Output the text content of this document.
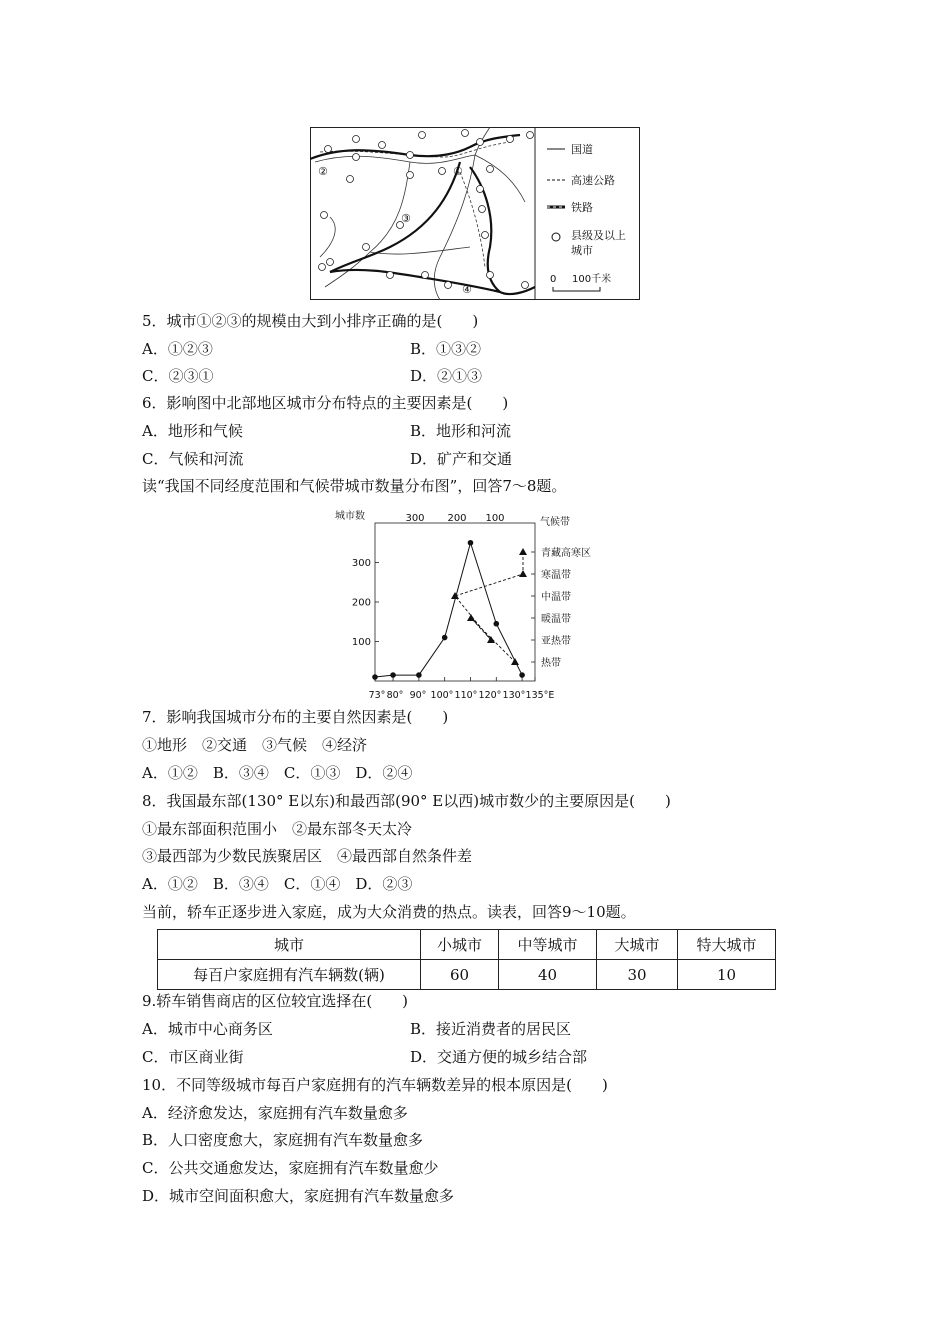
①
②
③
④
国道
高速公路
铁路
县级及以上
城市
0 100千米
5．城市①②③的规模由大到小排序正确的是(　　)
A．①②③	B．①③②
C．②③①	D．②①③
6．影响图中北部地区城市分布特点的主要因素是(　　)
A．地形和气候	B．地形和河流
C．气候和河流	D．矿产和交通
读“我国不同经度范围和气候带城市数量分布图”，回答7～8题。
城市数
气候带
100
200
300
73° 80° 90° 100° 110° 120° 130° 135°E
300 200 100
青藏高寒区
寒温带
中温带
暖温带
亚热带
热带
7．影响我国城市分布的主要自然因素是(　　)
①地形　②交通　③气候　④经济
A．①②　B．③④　C．①③　D．②④
8．我国最东部(130° E以东)和最西部(90° E以西)城市数少的主要原因是(　　)
①最东部面积范围小　②最东部冬天太冷
③最西部为少数民族聚居区　④最西部自然条件差
A．①②　B．③④　C．①④　D．②③
当前，轿车正逐步进入家庭，成为大众消费的热点。读表，回答9～10题。
城市	小城市	中等城市	大城市	特大城市
每百户家庭拥有汽车辆数(辆)	60	40	30	10
9.轿车销售商店的区位较宜选择在(　　)
A．城市中心商务区	B．接近消费者的居民区
C．市区商业街	D．交通方便的城乡结合部
10．不同等级城市每百户家庭拥有的汽车辆数差异的根本原因是(　　)
A．经济愈发达，家庭拥有汽车数量愈多
B．人口密度愈大，家庭拥有汽车数量愈多
C．公共交通愈发达，家庭拥有汽车数量愈少
D．城市空间面积愈大，家庭拥有汽车数量愈多
